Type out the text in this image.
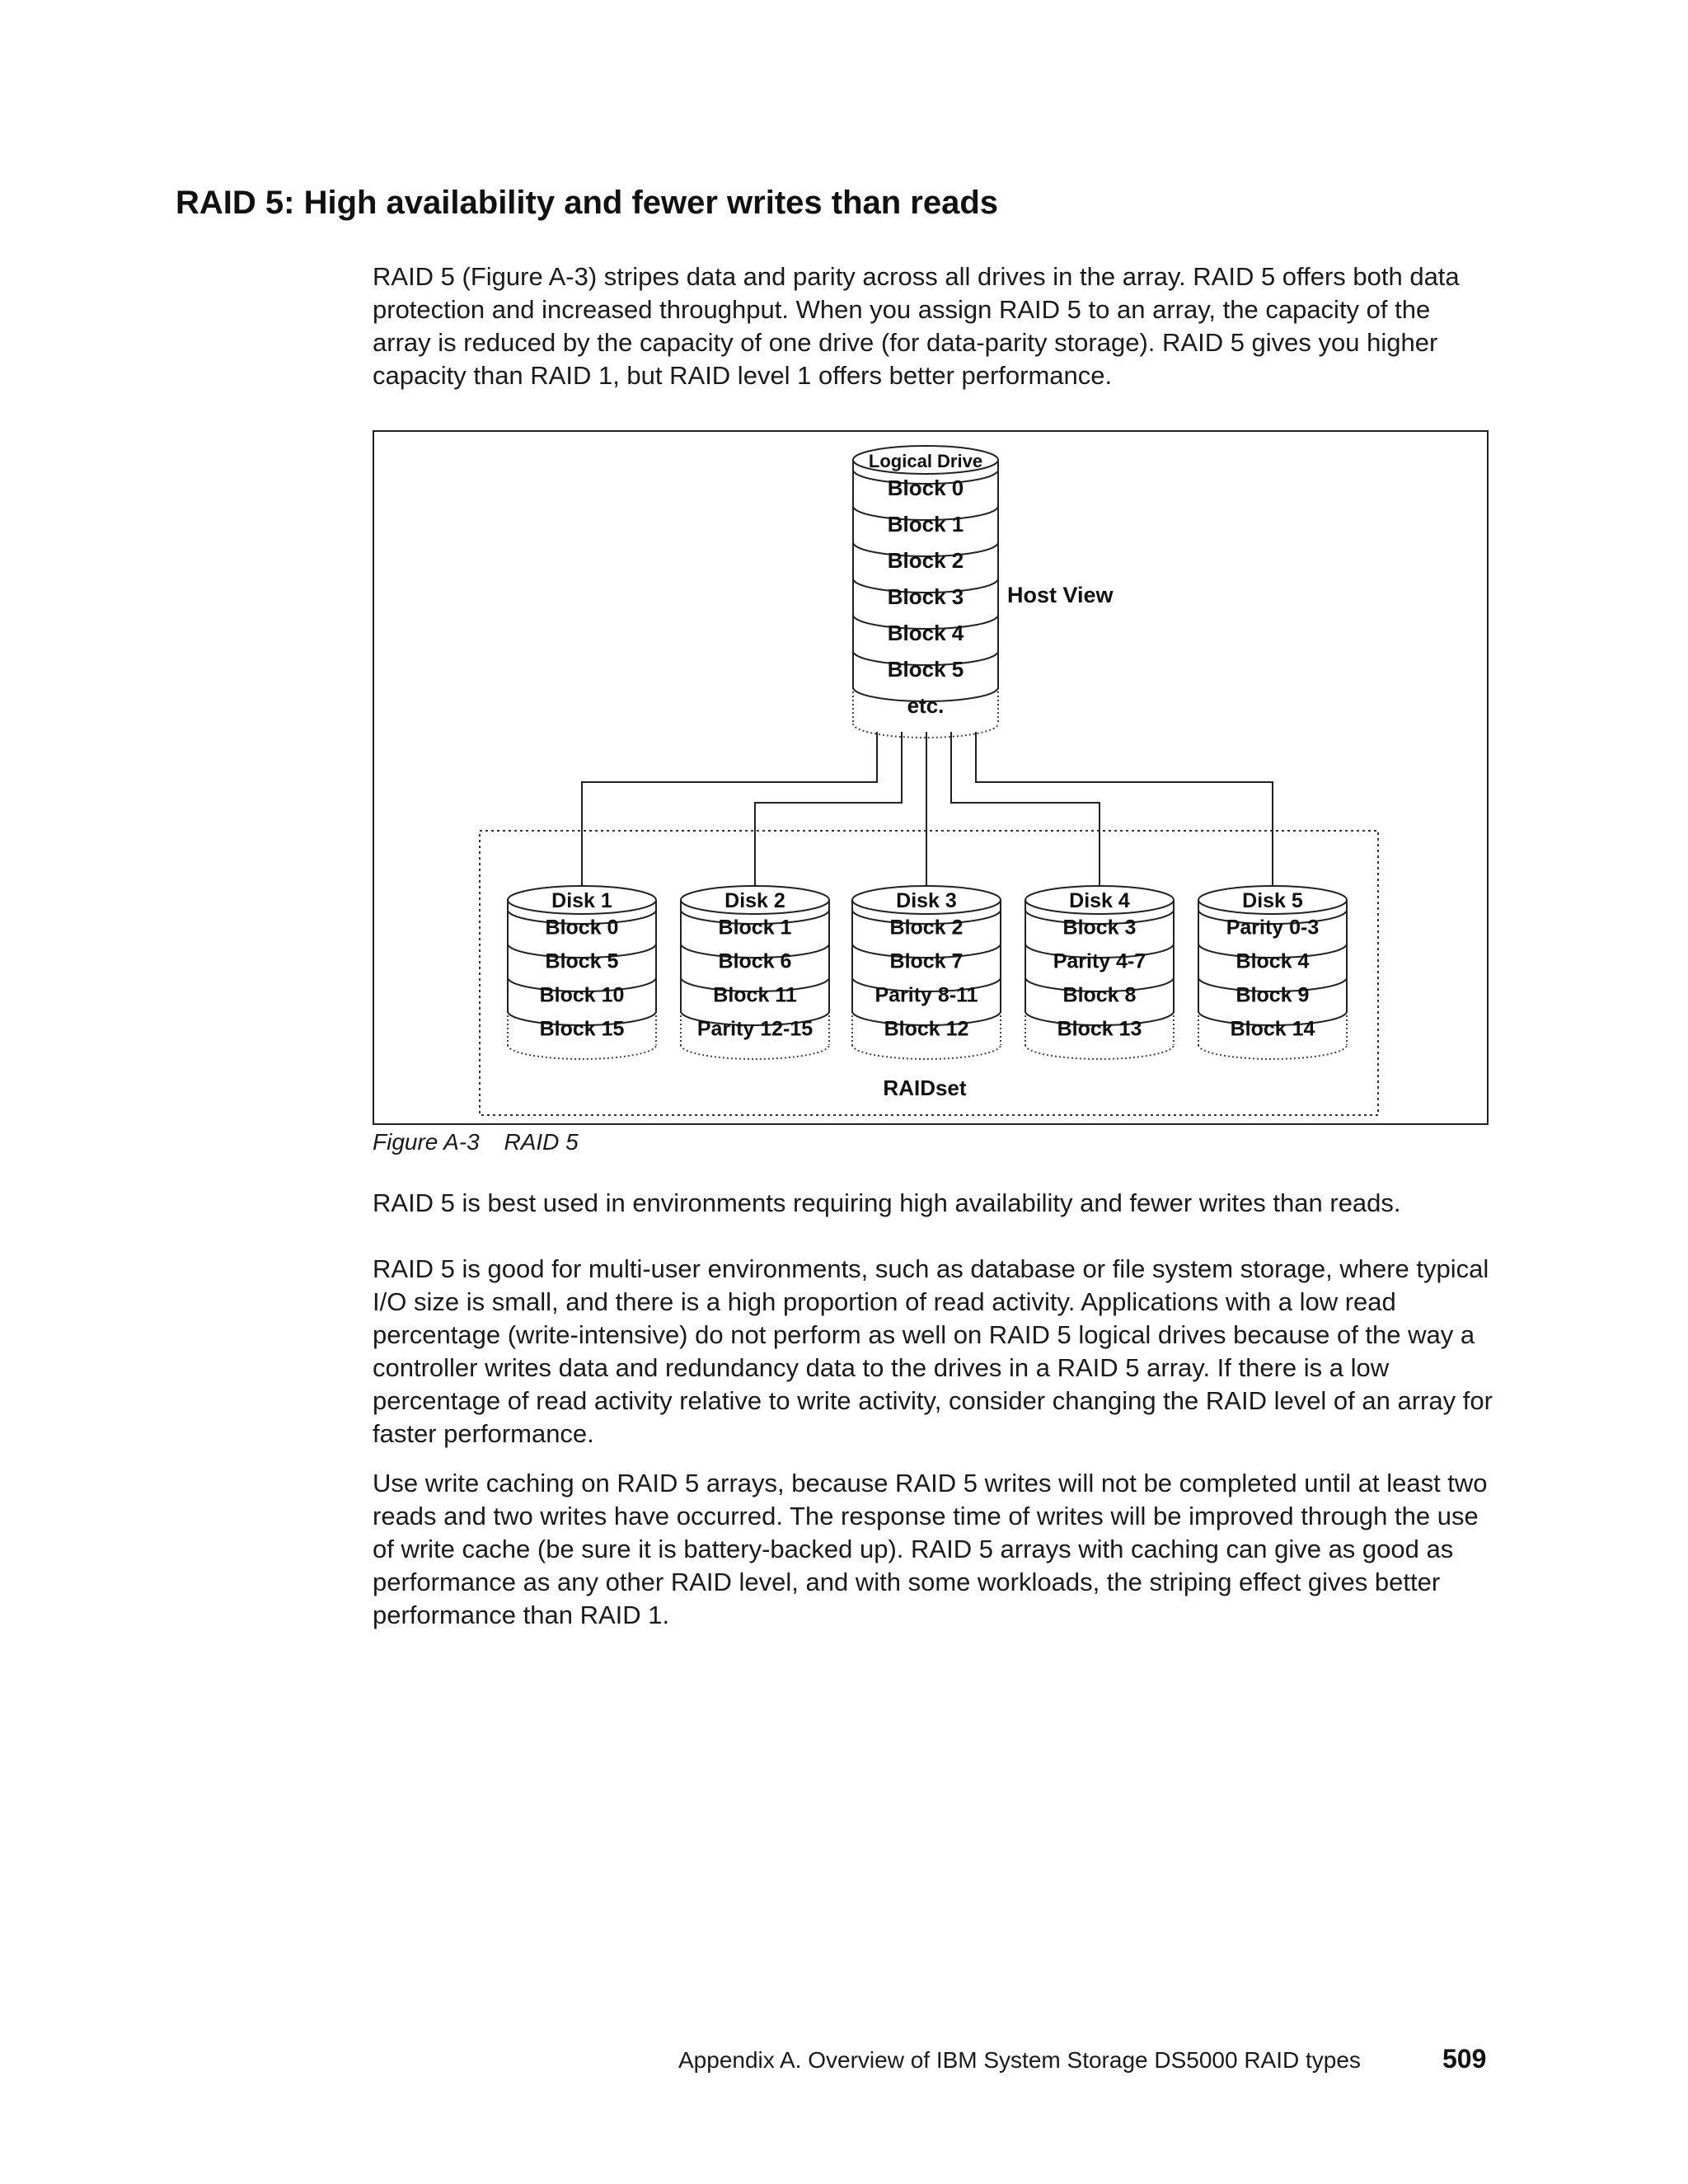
RAID 5: High availability and fewer writes than reads

RAID 5 (Figure A-3) stripes data and parity across all drives in the array. RAID 5 offers both data protection and increased throughput. When you assign RAID 5 to an array, the capacity of the array is reduced by the capacity of one drive (for data-parity storage). RAID 5 gives you higher capacity than RAID 1, but RAID level 1 offers better performance.

Logical Drive
Block 0
Block 1
Block 2
Block 3
Block 4
Block 5
etc.
Host View
Disk 1
Block 0
Block 5
Block 10
Block 15
Disk 2
Block 1
Block 6
Block 11
Parity 12-15
Disk 3
Block 2
Block 7
Parity 8-11
Block 12
Disk 4
Block 3
Parity 4-7
Block 8
Block 13
Disk 5
Parity 0-3
Block 4
Block 9
Block 14
RAIDset
Figure A-3 RAID 5

RAID 5 is best used in environments requiring high availability and fewer writes than reads.

RAID 5 is good for multi-user environments, such as database or file system storage, where typical I/O size is small, and there is a high proportion of read activity. Applications with a low read percentage (write-intensive) do not perform as well on RAID 5 logical drives because of the way a controller writes data and redundancy data to the drives in a RAID 5 array. If there is a low percentage of read activity relative to write activity, consider changing the RAID level of an array for faster performance.

Use write caching on RAID 5 arrays, because RAID 5 writes will not be completed until at least two reads and two writes have occurred. The response time of writes will be improved through the use of write cache (be sure it is battery-backed up). RAID 5 arrays with caching can give as good as performance as any other RAID level, and with some workloads, the striping effect gives better performance than RAID 1.

Appendix A. Overview of IBM System Storage DS5000 RAID types	509
